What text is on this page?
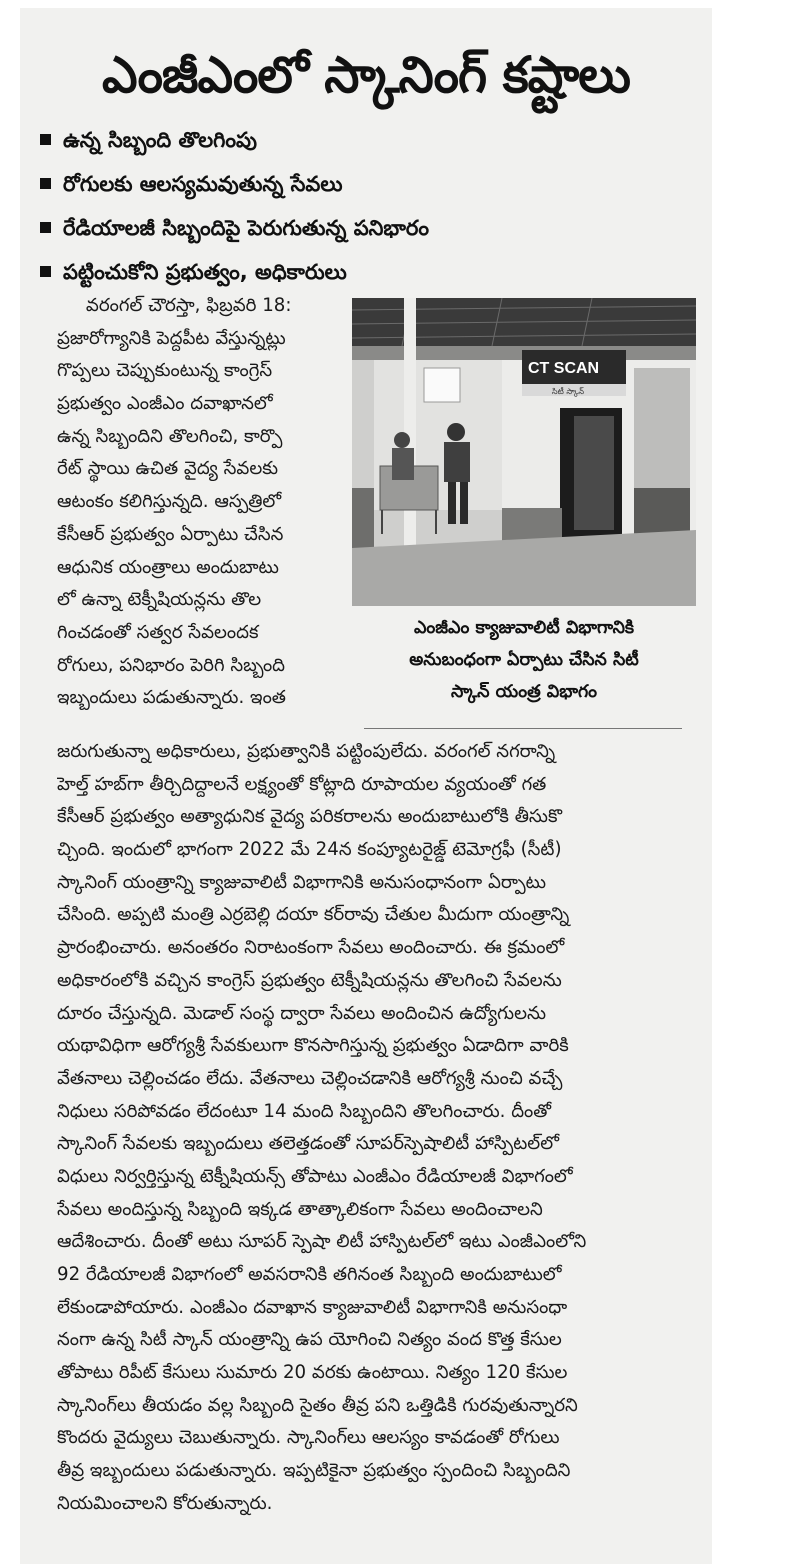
ఎంజీఎంలో స్కానింగ్ కష్టాలు
ఉన్న సిబ్బంది తొలగింపు
రోగులకు ఆలస్యమవుతున్న సేవలు
రేడియాలజీ సిబ్బందిపై పెరుగుతున్న పనిభారం
పట్టించుకోని ప్రభుత్వం, అధికారులు
వరంగల్ చౌరస్తా, ఫిబ్రవరి 18:
ప్రజారోగ్యానికి పెద్దపీట వేస్తున్నట్లు
గొప్పలు చెప్పుకుంటున్న కాంగ్రెస్
ప్రభుత్వం ఎంజీఎం దవాఖానలో
ఉన్న సిబ్బందిని తొలగించి, కార్పొ
రేట్ స్థాయి ఉచిత వైద్య సేవలకు
ఆటంకం కలిగిస్తున్నది. ఆస్పత్రిలో
కేసీఆర్ ప్రభుత్వం ఏర్పాటు చేసిన
ఆధునిక యంత్రాలు అందుబాటు
లో ఉన్నా టెక్నీషియన్లను తొల
గించడంతో సత్వర సేవలందక
రోగులు, పనిభారం పెరిగి సిబ్బంది
ఇబ్బందులు పడుతున్నారు. ఇంత
CT SCAN
సిటీ స్కాన్
ఎంజీఎం క్యాజువాలిటీ విభాగానికి
అనుబంధంగా ఏర్పాటు చేసిన సిటీ
స్కాన్ యంత్ర విభాగం
జరుగుతున్నా అధికారులు, ప్రభుత్వానికి పట్టింపులేదు. వరంగల్ నగరాన్ని
హెల్త్ హబ్‌గా తీర్చిదిద్దాలనే లక్ష్యంతో కోట్లాది రూపాయల వ్యయంతో గత
కేసీఆర్ ప్రభుత్వం అత్యాధునిక వైద్య పరికరాలను అందుబాటులోకి తీసుకొ
చ్చింది. ఇందులో భాగంగా 2022 మే 24న కంప్యూటరైజ్డ్ టెమోగ్రఫీ (సీటీ)
స్కానింగ్ యంత్రాన్ని క్యాజువాలిటీ విభాగానికి అనుసంధానంగా ఏర్పాటు
చేసింది. అప్పటి మంత్రి ఎర్రబెల్లి దయా కర్‌రావు చేతుల మీదుగా యంత్రాన్ని
ప్రారంభించారు. అనంతరం నిరాటంకంగా సేవలు అందించారు. ఈ క్రమంలో
అధికారంలోకి వచ్చిన కాంగ్రెస్ ప్రభుత్వం టెక్నీషియన్లను తొలగించి సేవలను
దూరం చేస్తున్నది. మెడాల్ సంస్థ ద్వారా సేవలు అందించిన ఉద్యోగులను
యథావిధిగా ఆరోగ్యశ్రీ సేవకులుగా కొనసాగిస్తున్న ప్రభుత్వం ఏడాదిగా వారికి
వేతనాలు చెల్లించడం లేదు. వేతనాలు చెల్లించడానికి ఆరోగ్యశ్రీ నుంచి వచ్చే
నిధులు సరిపోవడం లేదంటూ 14 మంది సిబ్బందిని తొలగించారు. దీంతో
స్కానింగ్ సేవలకు ఇబ్బందులు తలెత్తడంతో సూపర్‌స్పెషాలిటీ హాస్పిటల్‌లో
విధులు నిర్వర్తిస్తున్న టెక్నీషియన్స్ తోపాటు ఎంజీఎం రేడియాలజీ విభాగంలో
సేవలు అందిస్తున్న సిబ్బంది ఇక్కడ తాత్కాలికంగా సేవలు అందించాలని
ఆదేశించారు. దీంతో అటు సూపర్ స్పెషా లిటీ హాస్పిటల్‌లో ఇటు ఎంజీఎంలోని
92 రేడియాలజీ విభాగంలో అవసరానికి తగినంత సిబ్బంది అందుబాటులో
లేకుండాపోయారు. ఎంజీఎం దవాఖాన క్యాజువాలిటీ విభాగానికి అనుసంధా
నంగా ఉన్న సిటీ స్కాన్ యంత్రాన్ని ఉప యోగించి నిత్యం వంద కొత్త కేసుల
తోపాటు రిపీట్ కేసులు సుమారు 20 వరకు ఉంటాయి. నిత్యం 120 కేసుల
స్కానింగ్‌లు తీయడం వల్ల సిబ్బంది సైతం తీవ్ర పని ఒత్తిడికి గురవుతున్నారని
కొందరు వైద్యులు చెబుతున్నారు. స్కానింగ్‌లు ఆలస్యం కావడంతో రోగులు
తీవ్ర ఇబ్బందులు పడుతున్నారు. ఇప్పటికైనా ప్రభుత్వం స్పందించి సిబ్బందిని
నియమించాలని కోరుతున్నారు.
